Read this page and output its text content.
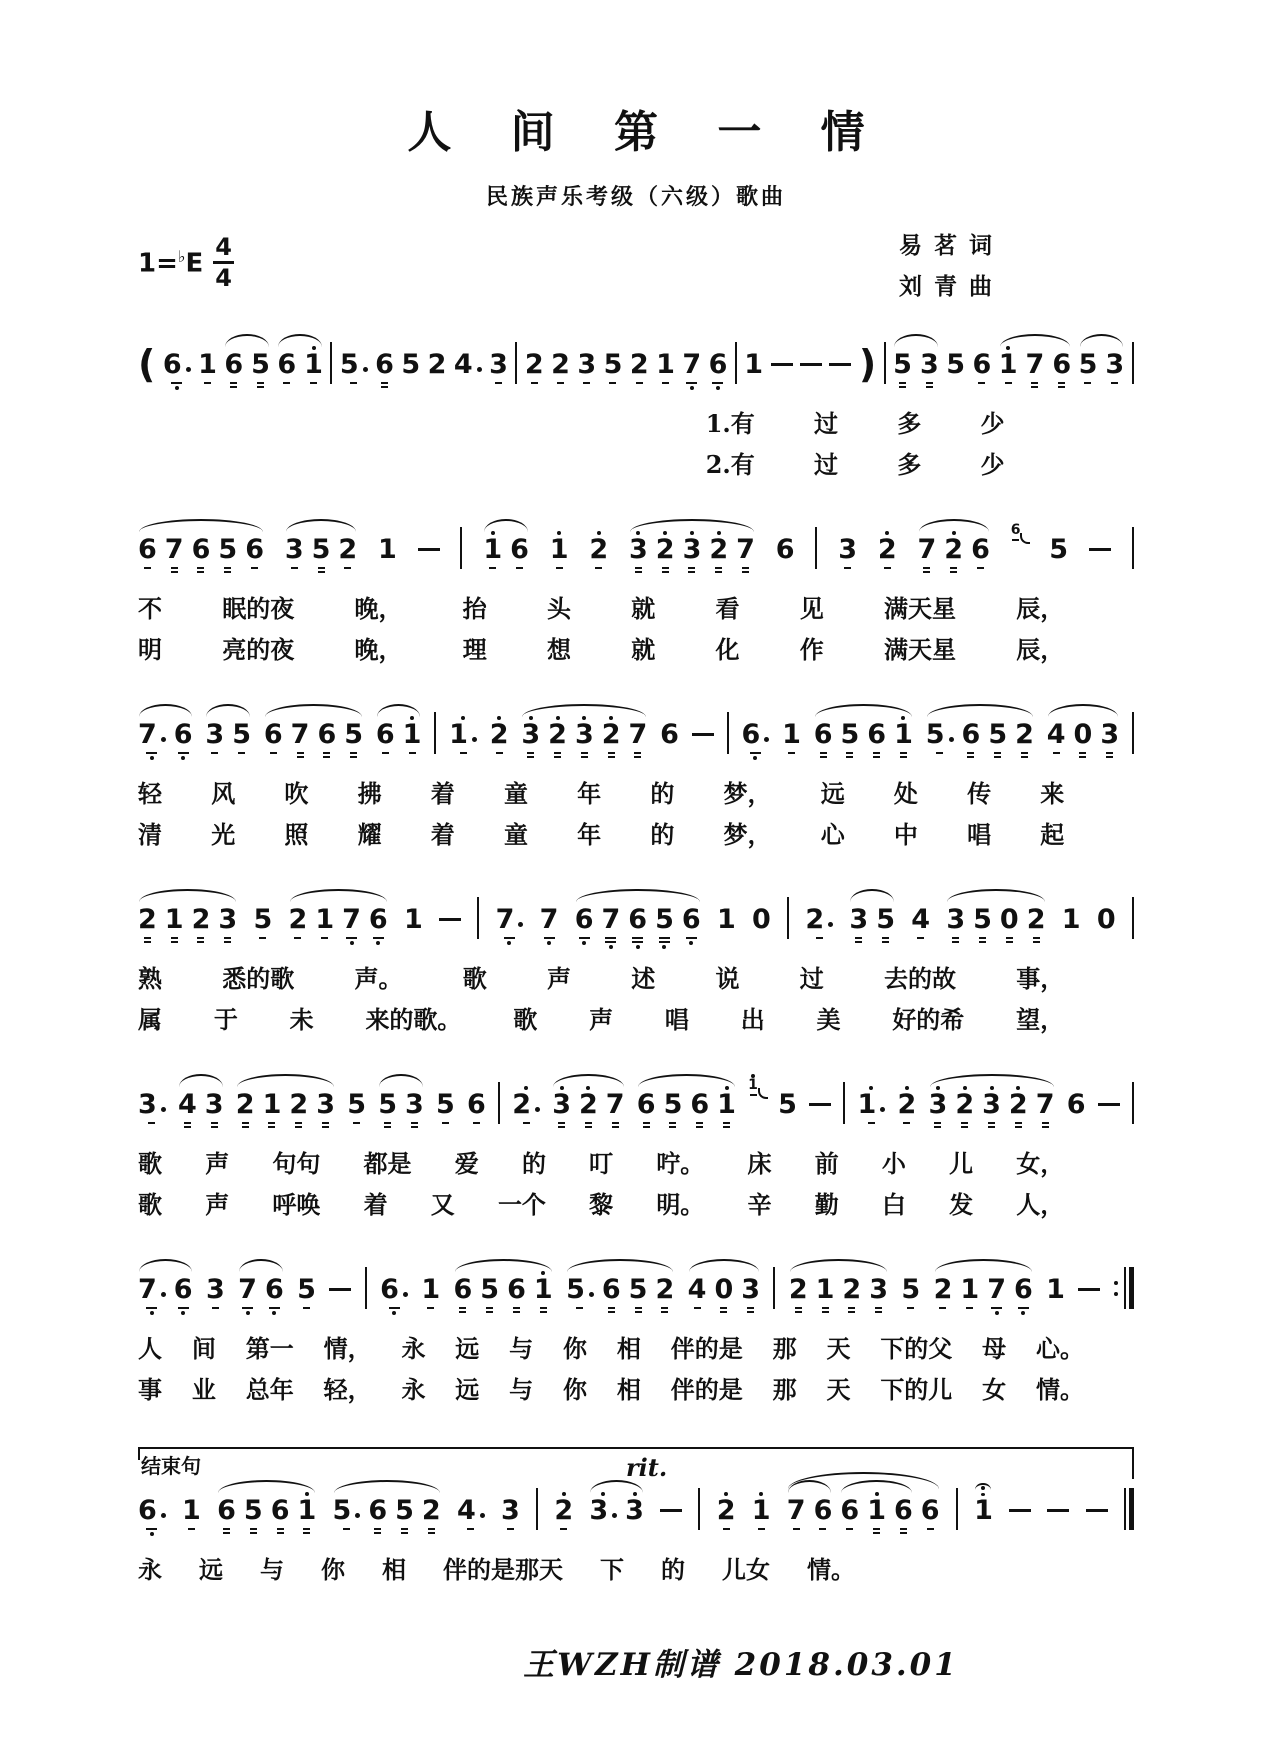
人 间 第 一 情
民族声乐考级（六级）歌曲
1=♭E
4
4
易 茗 词
刘 青 曲
( 6 1 6 5 6 1 5 6 5 2 4 3 2 2 3 5 2 1 7 6 1	) 5 3 5 6 1 7 6 5 3
1.有 过 多 少
2.有 过 多 少
6 7 6 5 6 3 5 2 1	1 6 1 2 3 2 3 2 7 6 3 2 7 2 6
6
5
不	眠的夜	晚，	抬	头	就	看	见	满天星	辰，
明	亮的夜	晚，	理	想	就	化	作	满天星	辰，
7 6 3 5 6 7 6 5 6 1 1 2 3 2 3 2 7 6 6 1 6 5 6 1 5 6 5 2 4 0 3
轻 风 吹 拂 着 童 年 的 梦， 远 处 传 来
清 光 照 耀 着 童 年 的 梦， 心 中 唱 起
2 1 2 3 5 2 1 7 6 1	7 7 6 7 6 5 6 1 0 2 3 5 4 3 5 0 2 1 0
熟	悉的歌	声。	歌	声	述	说	过	去的故	事，
属 于 未 来的歌。 歌 声 唱 出 美 好的希 望，
3 4 3 2 1 2 3 5 5 3 5 6 2 3 2 7 6 5 6 1
1
5 1 2 3 2 3 2 7 6
歌 声 句句 都是 爱 的 叮 咛。 床 前 小 儿 女，
歌 声 呼唤 着 又 一个 黎 明。 辛 勤 白 发 人，
7 6 3 7 6 5 6 1 6 5 6 1 5 6 5 2 4 0 3 2 1 2 3 5 2 1 7 6 1
人 间 第一 情， 永 远 与 你 相 伴的是 那 天 下的父 母 心。
事 业 总年 轻， 永 远 与 你 相 伴的是 那 天 下的儿 女 情。
结束句	rit.
6 1 6 5 6 1 5 6 5 2 4 3 2 3 3	2 1 7 6 6 1 6 6 1
永 远 与 你 相 伴的是那天 下 的 儿女 情。
王WZH制谱 2018.03.01
